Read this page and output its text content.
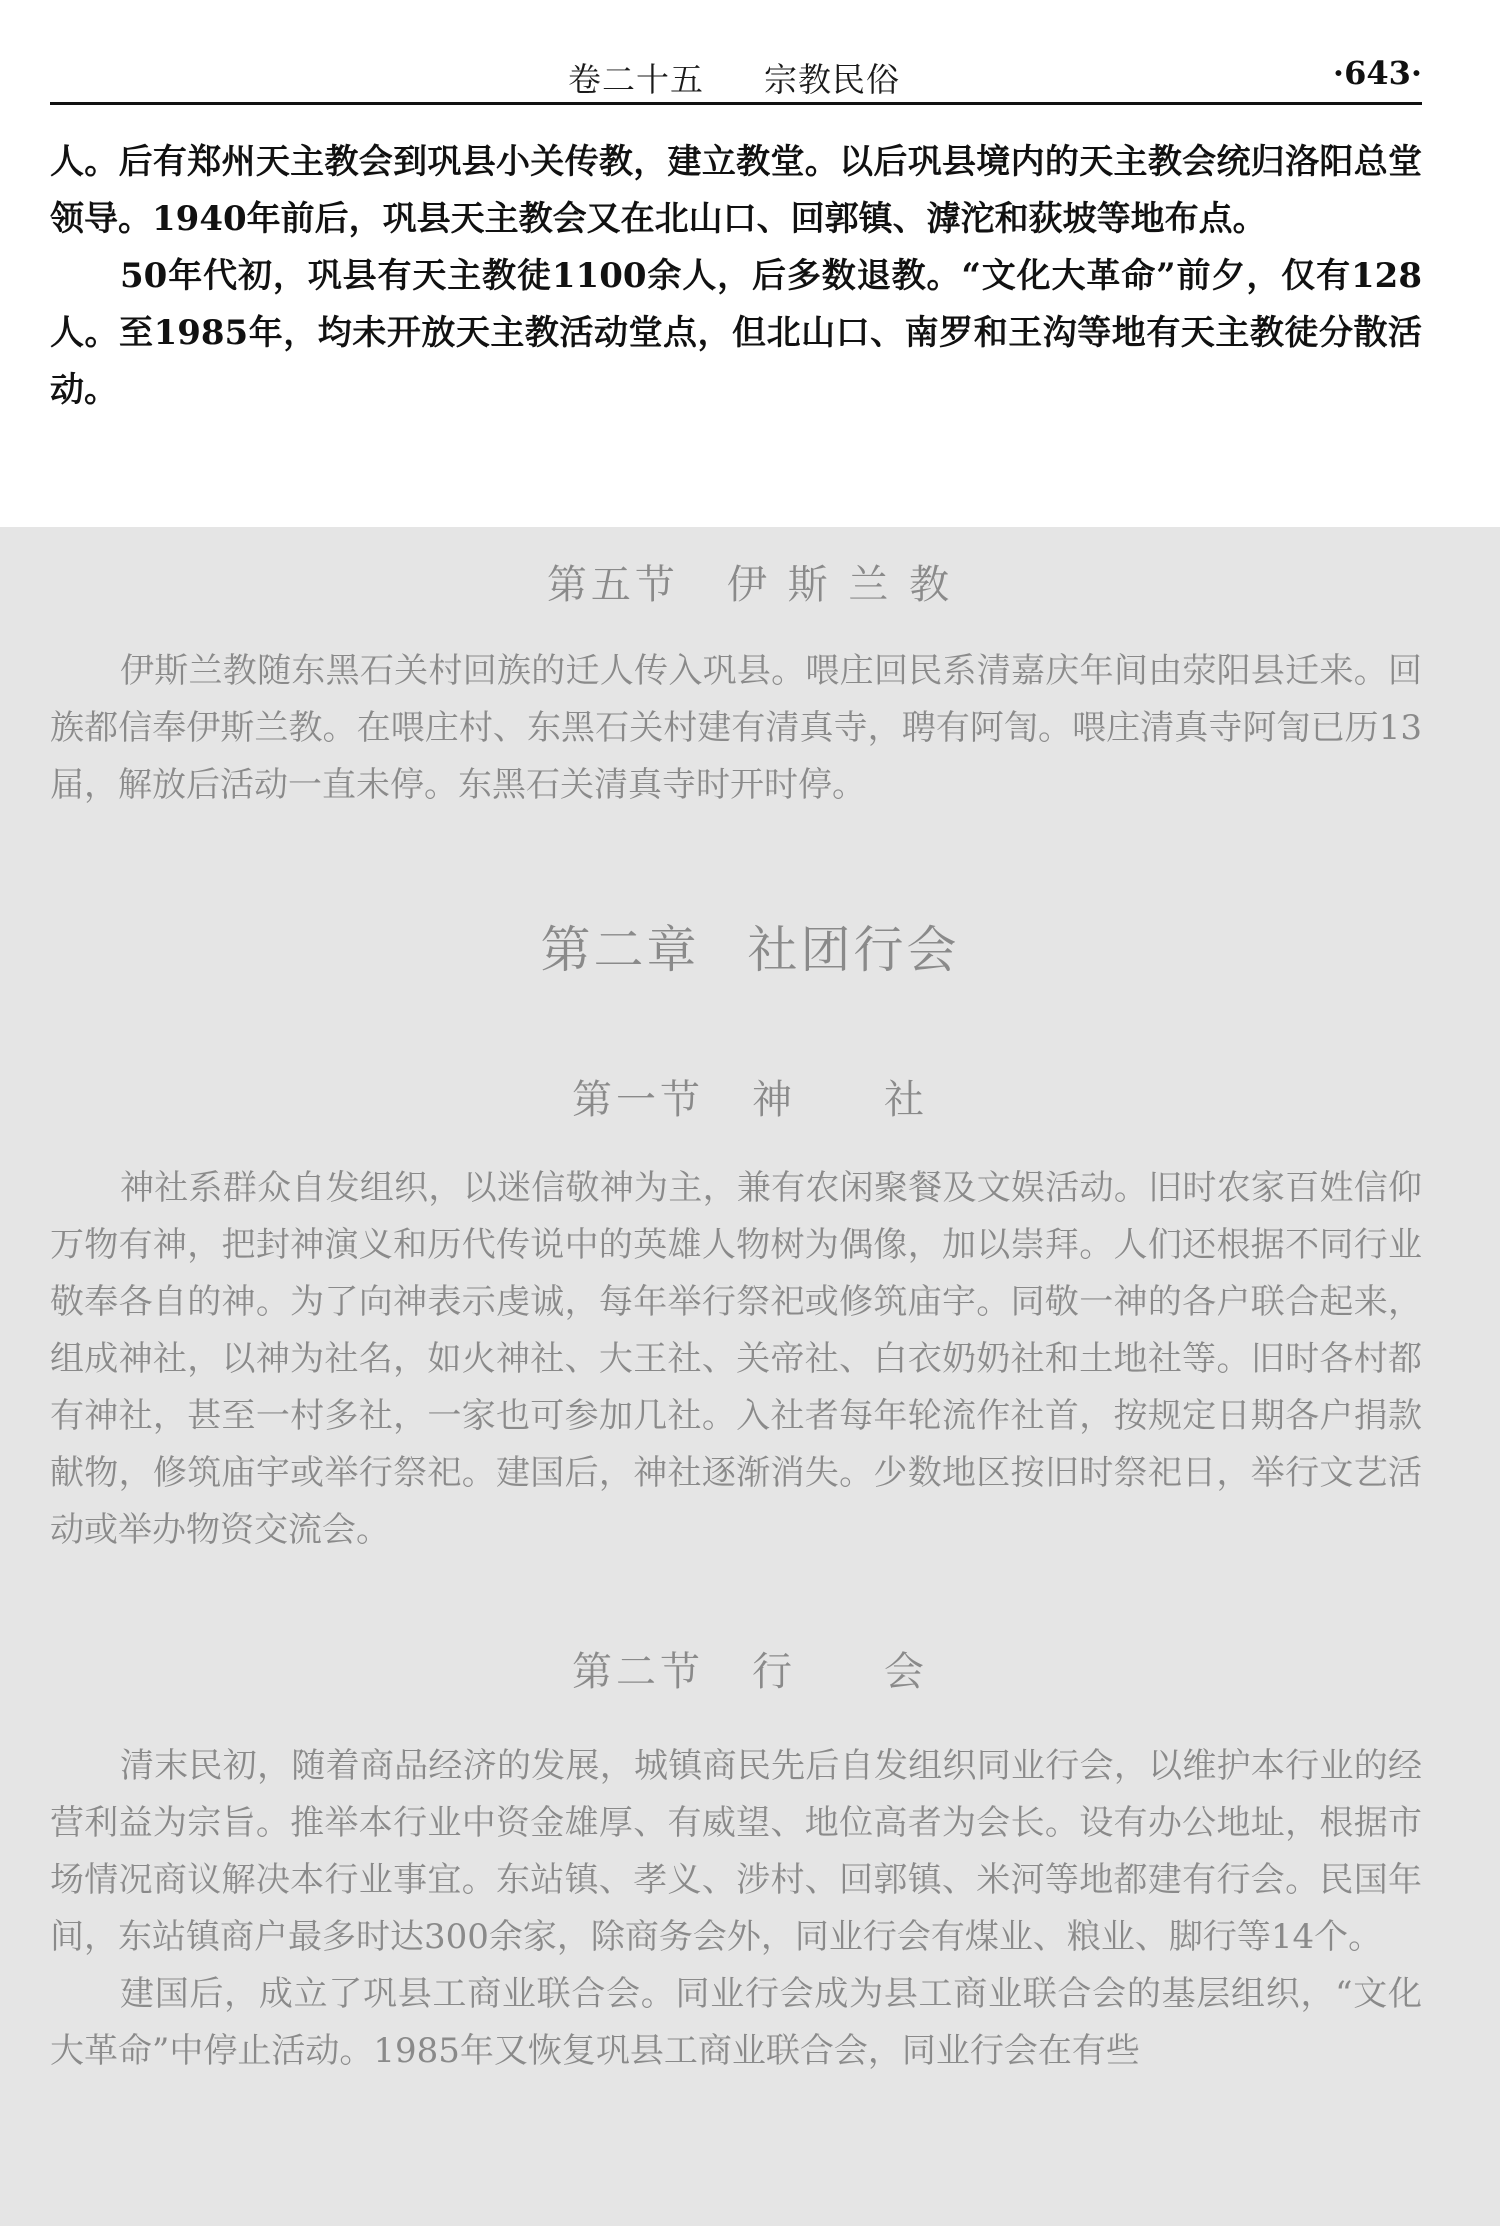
卷二十五 宗教民俗	·643·

人。后有郑州天主教会到巩县小关传教，建立教堂。以后巩县境内的天主教会统归洛阳总堂领导。1940年前后，巩县天主教会又在北山口、回郭镇、滹沱和荻坡等地布点。

50年代初，巩县有天主教徒1100余人，后多数退教。“文化大革命”前夕，仅有128人。至1985年，均未开放天主教活动堂点，但北山口、南罗和王沟等地有天主教徒分散活动。

第五节 伊 斯 兰 教

伊斯兰教随东黑石关村回族的迁人传入巩县。喂庄回民系清嘉庆年间由荥阳县迁来。回族都信奉伊斯兰教。在喂庄村、东黑石关村建有清真寺，聘有阿訇。喂庄清真寺阿訇已历13届，解放后活动一直未停。东黑石关清真寺时开时停。

第二章 社团行会
第一节 神　　社

神社系群众自发组织，以迷信敬神为主，兼有农闲聚餐及文娱活动。旧时农家百姓信仰万物有神，把封神演义和历代传说中的英雄人物树为偶像，加以崇拜。人们还根据不同行业敬奉各自的神。为了向神表示虔诚，每年举行祭祀或修筑庙宇。同敬一神的各户联合起来，组成神社，以神为社名，如火神社、大王社、关帝社、白衣奶奶社和土地社等。旧时各村都有神社，甚至一村多社，一家也可参加几社。入社者每年轮流作社首，按规定日期各户捐款献物，修筑庙宇或举行祭祀。建国后，神社逐渐消失。少数地区按旧时祭祀日，举行文艺活动或举办物资交流会。

第二节 行　　会

清末民初，随着商品经济的发展，城镇商民先后自发组织同业行会，以维护本行业的经营利益为宗旨。推举本行业中资金雄厚、有威望、地位高者为会长。设有办公地址，根据市场情况商议解决本行业事宜。东站镇、孝义、涉村、回郭镇、米河等地都建有行会。民国年间，东站镇商户最多时达300余家，除商务会外，同业行会有煤业、粮业、脚行等14个。

建国后，成立了巩县工商业联合会。同业行会成为县工商业联合会的基层组织，“文化大革命”中停止活动。1985年又恢复巩县工商业联合会，同业行会在有些
